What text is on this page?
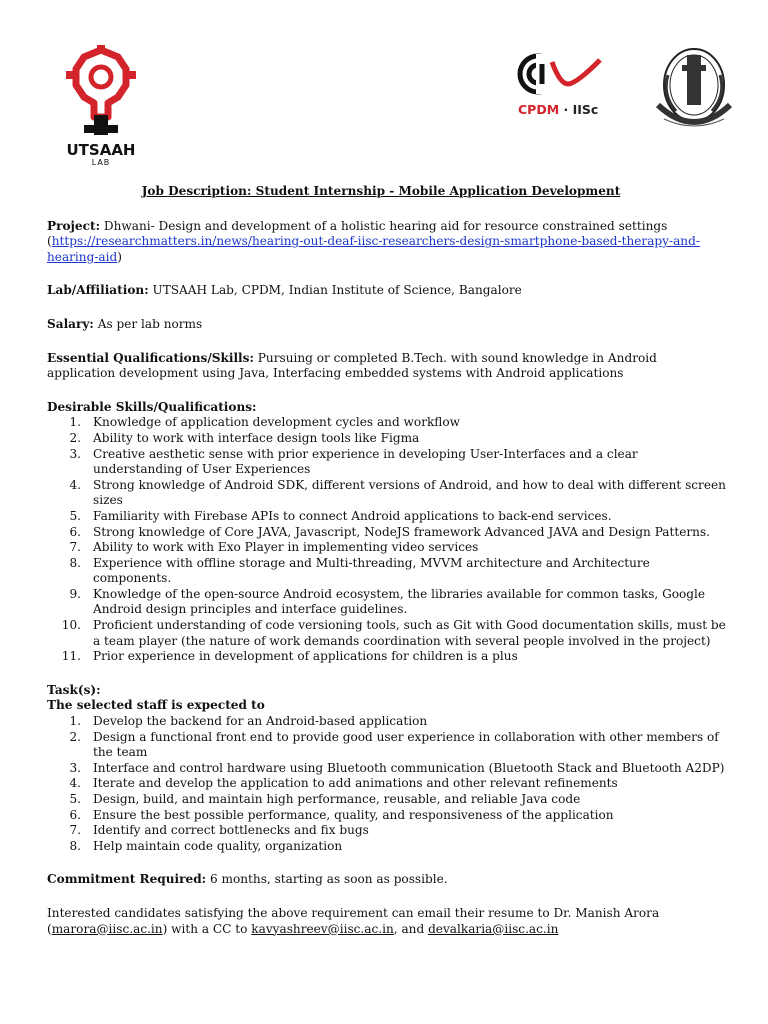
UTSAAH
LAB
CPDM · IISc

Job Description: Student Internship - Mobile Application Development

Project: Dhwani- Design and development of a holistic hearing aid for resource constrained settings (https://researchmatters.in/news/hearing-out-deaf-iisc-researchers-design-smartphone-based-therapy-and-hearing-aid)

Lab/Affiliation: UTSAAH Lab, CPDM, Indian Institute of Science, Bangalore

Salary: As per lab norms

Essential Qualifications/Skills: Pursuing or completed B.Tech. with sound knowledge in Android application development using Java, Interfacing embedded systems with Android applications

Desirable Skills/Qualifications:

1. Knowledge of application development cycles and workflow
2. Ability to work with interface design tools like Figma
3. Creative aesthetic sense with prior experience in developing User-Interfaces and a clear understanding of User Experiences
4. Strong knowledge of Android SDK, different versions of Android, and how to deal with different screen sizes
5. Familiarity with Firebase APIs to connect Android applications to back-end services.
6. Strong knowledge of Core JAVA, Javascript, NodeJS framework Advanced JAVA and Design Patterns.
7. Ability to work with Exo Player in implementing video services
8. Experience with offline storage and Multi-threading, MVVM architecture and Architecture components.
9. Knowledge of the open-source Android ecosystem, the libraries available for common tasks, Google Android design principles and interface guidelines.
10. Proficient understanding of code versioning tools, such as Git with Good documentation skills, must be a team player (the nature of work demands coordination with several people involved in the project)
11. Prior experience in development of applications for children is a plus

Task(s):

The selected staff is expected to

1. Develop the backend for an Android-based application
2. Design a functional front end to provide good user experience in collaboration with other members of the team
3. Interface and control hardware using Bluetooth communication (Bluetooth Stack and Bluetooth A2DP)
4. Iterate and develop the application to add animations and other relevant refinements
5. Design, build, and maintain high performance, reusable, and reliable Java code
6. Ensure the best possible performance, quality, and responsiveness of the application
7. Identify and correct bottlenecks and fix bugs
8. Help maintain code quality, organization

Commitment Required: 6 months, starting as soon as possible.

Interested candidates satisfying the above requirement can email their resume to Dr. Manish Arora (marora@iisc.ac.in) with a CC to kavyashreev@iisc.ac.in, and devalkaria@iisc.ac.in
